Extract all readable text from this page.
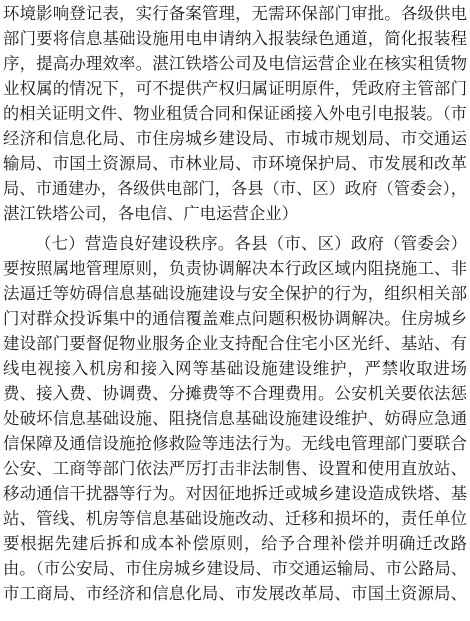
环境影响登记表，实行备案管理，无需环保部门审批。各级供电
部门要将信息基础设施用电申请纳入报装绿色通道，简化报装程
序，提高办理效率。湛江铁塔公司及电信运营企业在核实租赁物
业权属的情况下，可不提供产权归属证明原件，凭政府主管部门
的相关证明文件、物业租赁合同和保证函接入外电引电报装。（市
经济和信息化局、市住房城乡建设局、市城市规划局、市交通运
输局、市国土资源局、市林业局、市环境保护局、市发展和改革
局、市通建办，各级供电部门，各县（市、区）政府（管委会），
湛江铁塔公司，各电信、广电运营企业）
（七）营造良好建设秩序。各县（市、区）政府（管委会）
要按照属地管理原则，负责协调解决本行政区域内阻挠施工、非
法逼迁等妨碍信息基础设施建设与安全保护的行为，组织相关部
门对群众投诉集中的通信覆盖难点问题积极协调解决。住房城乡
建设部门要督促物业服务企业支持配合住宅小区光纤、基站、有
线电视接入机房和接入网等基础设施建设维护，严禁收取进场
费、接入费、协调费、分摊费等不合理费用。公安机关要依法惩
处破坏信息基础设施、阻挠信息基础设施建设维护、妨碍应急通
信保障及通信设施抢修救险等违法行为。无线电管理部门要联合
公安、工商等部门依法严厉打击非法制售、设置和使用直放站、
移动通信干扰器等行为。对因征地拆迁或城乡建设造成铁塔、基
站、管线、机房等信息基础设施改动、迁移和损坏的，责任单位
要根据先建后拆和成本补偿原则，给予合理补偿并明确迁改路
由。（市公安局、市住房城乡建设局、市交通运输局、市公路局、
市工商局、市经济和信息化局、市发展改革局、市国土资源局、
